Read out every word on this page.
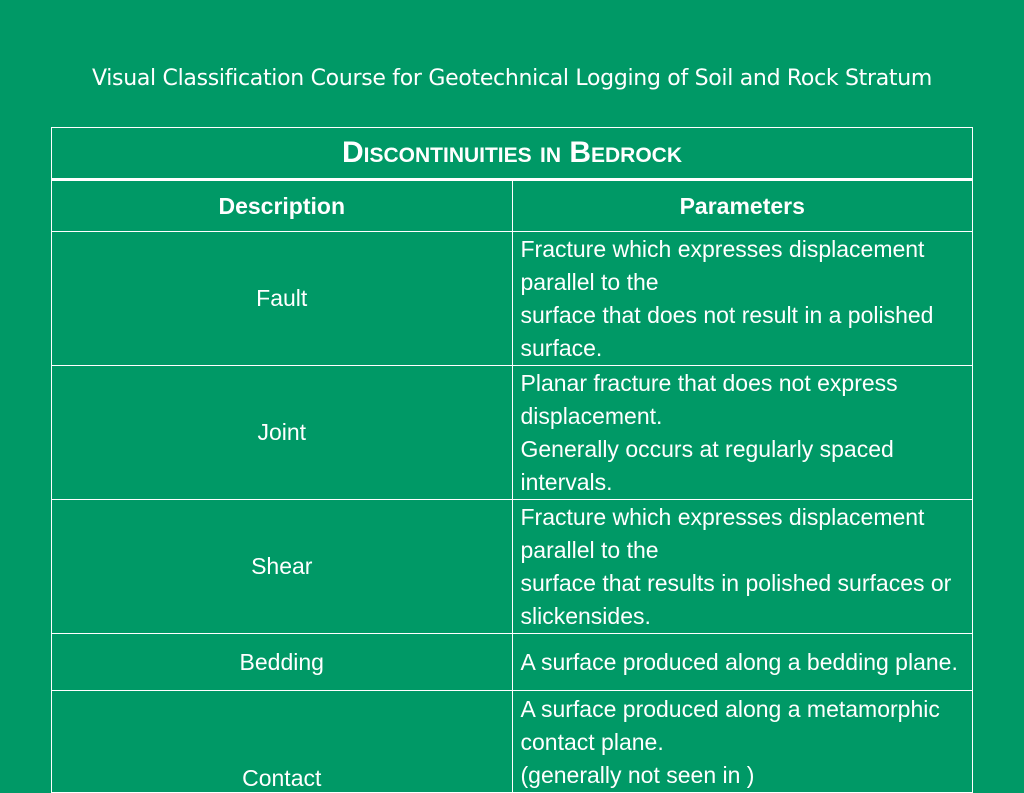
Visual Classification Course for Geotechnical Logging of Soil and Rock Stratum
Discontinuities in Bedrock	
Description	Parameters
Fault	Fracture which expresses displacement parallel to the
surface that does not result in a polished surface.

Joint	Planar fracture that does not express displacement.
Generally occurs at regularly spaced intervals.

Shear	Fracture which expresses displacement parallel to the
surface that results in polished surfaces or slickensides.

Bedding	A surface produced along a bedding plane.

Contact	A surface produced along a metamorphic contact plane.
(generally not seen in )
